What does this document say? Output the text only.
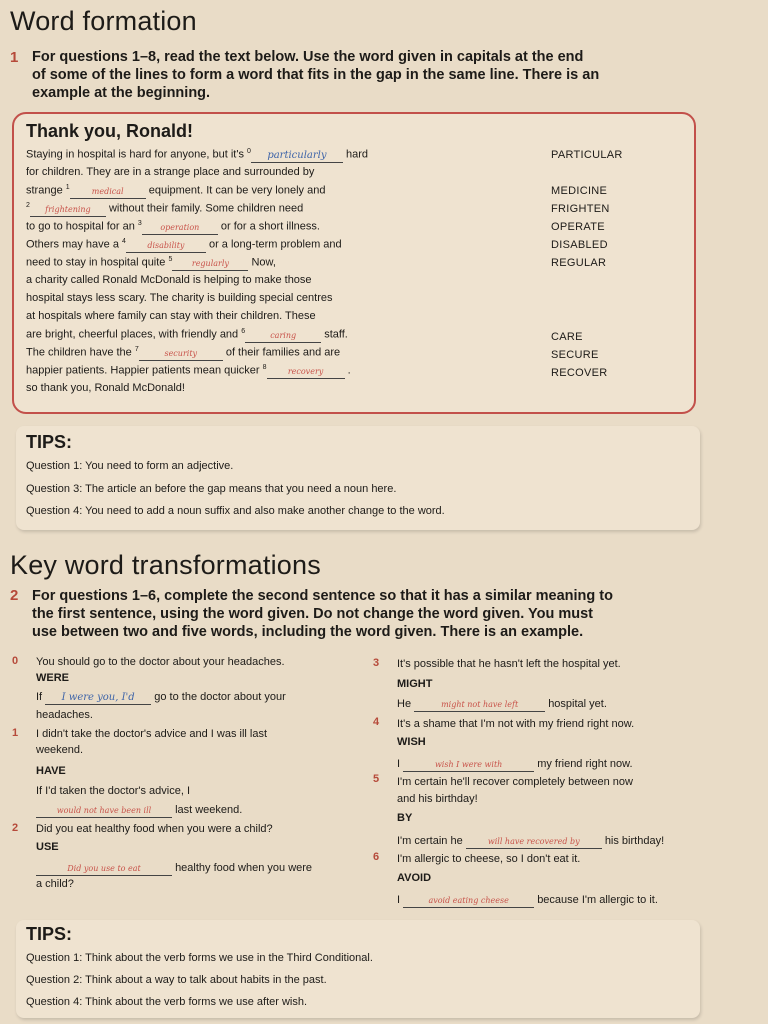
Word formation
1 For questions 1–8, read the text below. Use the word given in capitals at the end
of some of the lines to form a word that fits in the gap in the same line. There is an
example at the beginning.
Thank you, Ronald!
Staying in hospital is hard for anyone, but it's $^0$ particularly hard
for children. They are in a strange place and surrounded by
strange $^1$	medical equipment. It can be very lonely and
$^2$ frightening without their family. Some children need
to go to hospital for an $^3$ operation or for a short illness.
Others may have a $^4$	disability or a long-term problem and
need to stay in hospital quite $^5$ regularly Now,
a charity called Ronald McDonald is helping to make those
hospital stays less scary. The charity is building special centres
at hospitals where family can stay with their children. These
are bright, cheerful places, with friendly and $^6$	caring	staff.
The children have the $^7$	security	of their families and are
happier patients. Happier patients mean quicker $^8$	recovery .
so thank you, Ronald McDonald!
PARTICULAR
MEDICINE
FRIGHTEN
OPERATE
DISABLED
REGULAR
CARE
SECURE
RECOVER
TIPS:
Question 1: You need to form an adjective.
Question 3: The article an before the gap means that you need a noun here.
Question 4: You need to add a noun suffix and also make another change to the word.
Key word transformations
2 For questions 1–6, complete the second sentence so that it has a similar meaning to
the first sentence, using the word given. Do not change the word given. You must
use between two and five words, including the word given. There is an example.
0 You should go to the doctor about your headaches.
WERE
If I were you, I'd go to the doctor about your
headaches.
1 I didn't take the doctor's advice and I was ill last
weekend.
HAVE
If I'd taken the doctor's advice, I
would not have been ill last weekend.
2 Did you eat healthy food when you were a child?
USE
Did you use to eat	healthy food when you were
a child?
3 It's possible that he hasn't left the hospital yet.
MIGHT
He	might not have left	hospital yet.
4 It's a shame that I'm not with my friend right now.
WISH
I	wish I were with	my friend right now.
5 I'm certain he'll recover completely between now
and his birthday!
BY
I'm certain he	will have recovered by his birthday!
6 I'm allergic to cheese, so I don't eat it.
AVOID
I	avoid eating cheese	because I'm allergic to it.
TIPS:
Question 1: Think about the verb forms we use in the Third Conditional.
Question 2: Think about a way to talk about habits in the past.
Question 4: Think about the verb forms we use after wish.
